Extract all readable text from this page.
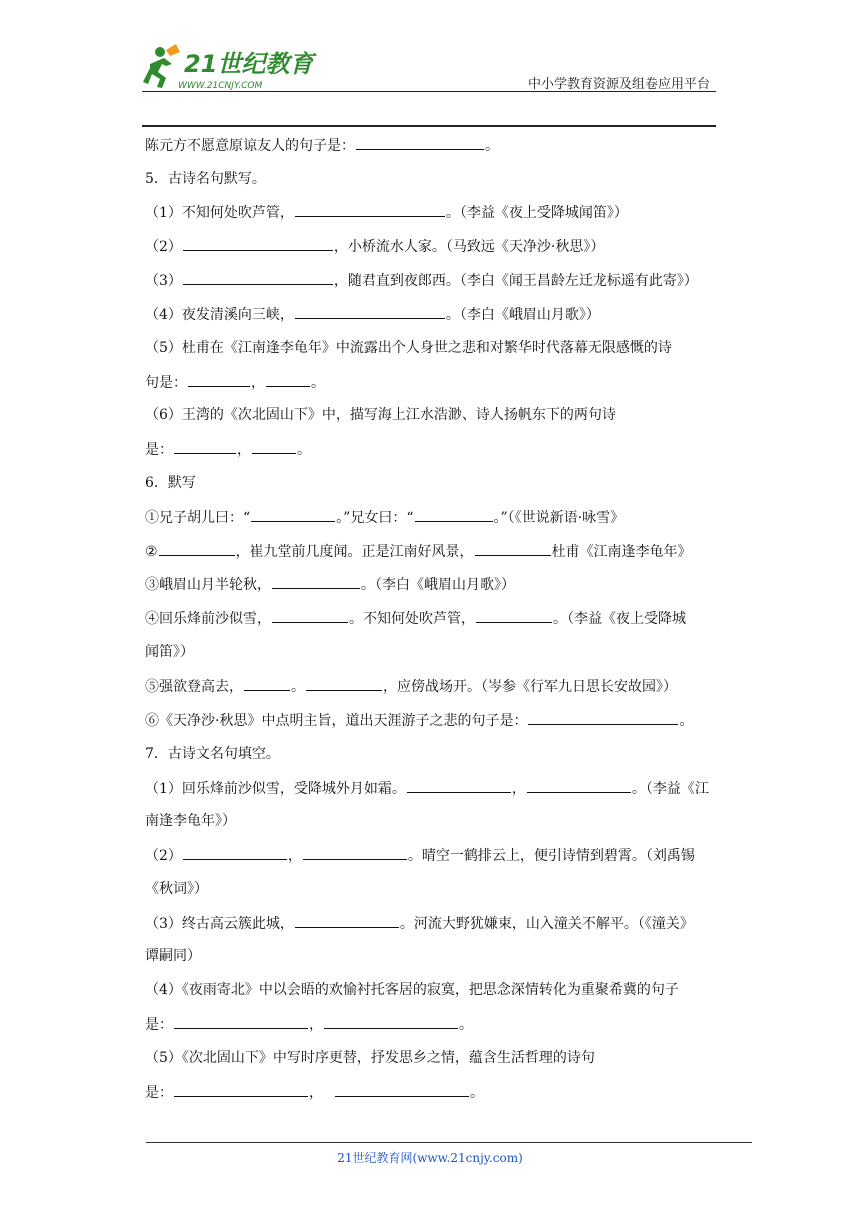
21世纪教育
WWW.21CNJY.COM	中小学教育资源及组卷应用平台
陈元方不愿意原谅友人的句子是：	。
5．古诗名句默写。
（1）不知何处吹芦管，	。（李益《夜上受降城闻笛》）
（2）	，小桥流水人家。（马致远《天净沙·秋思》）
（3）	，随君直到夜郎西。（李白《闻王昌龄左迁龙标遥有此寄》）
（4）夜发清溪向三峡，	。（李白《峨眉山月歌》）
（5）杜甫在《江南逢李龟年》中流露出个人身世之悲和对繁华时代落幕无限感慨的诗
句是：	，	。
（6）王湾的《次北固山下》中，描写海上江水浩渺、诗人扬帆东下的两句诗
是：	，	。
6．默写
①兄子胡儿曰：“	。”兄女曰：“	。”（《世说新语·咏雪》
②	，崔九堂前几度闻。正是江南好风景，	杜甫《江南逢李龟年》
③峨眉山月半轮秋，	。（李白《峨眉山月歌》）
④回乐烽前沙似雪，	。不知何处吹芦管，	。（李益《夜上受降城
闻笛》）
⑤强欲登高去，	。	，应傍战场开。（岑参《行军九日思长安故园》）
⑥《天净沙·秋思》中点明主旨，道出天涯游子之悲的句子是：	。
7．古诗文名句填空。
（1）回乐烽前沙似雪，受降城外月如霜。	，	。（李益《江
南逢李龟年》）
（2）	，	。晴空一鹤排云上，便引诗情到碧霄。（刘禹锡
《秋词》）
（3）终古高云簇此城，	。河流大野犹嫌束，山入潼关不解平。（《潼关》
谭嗣同）
（4）《夜雨寄北》中以会晤的欢愉衬托客居的寂寞，把思念深情转化为重聚希冀的句子
是：	，	。
（5）《次北固山下》中写时序更替，抒发思乡之情，蕴含生活哲理的诗句
是：	，	。
21世纪教育网(www.21cnjy.com)
